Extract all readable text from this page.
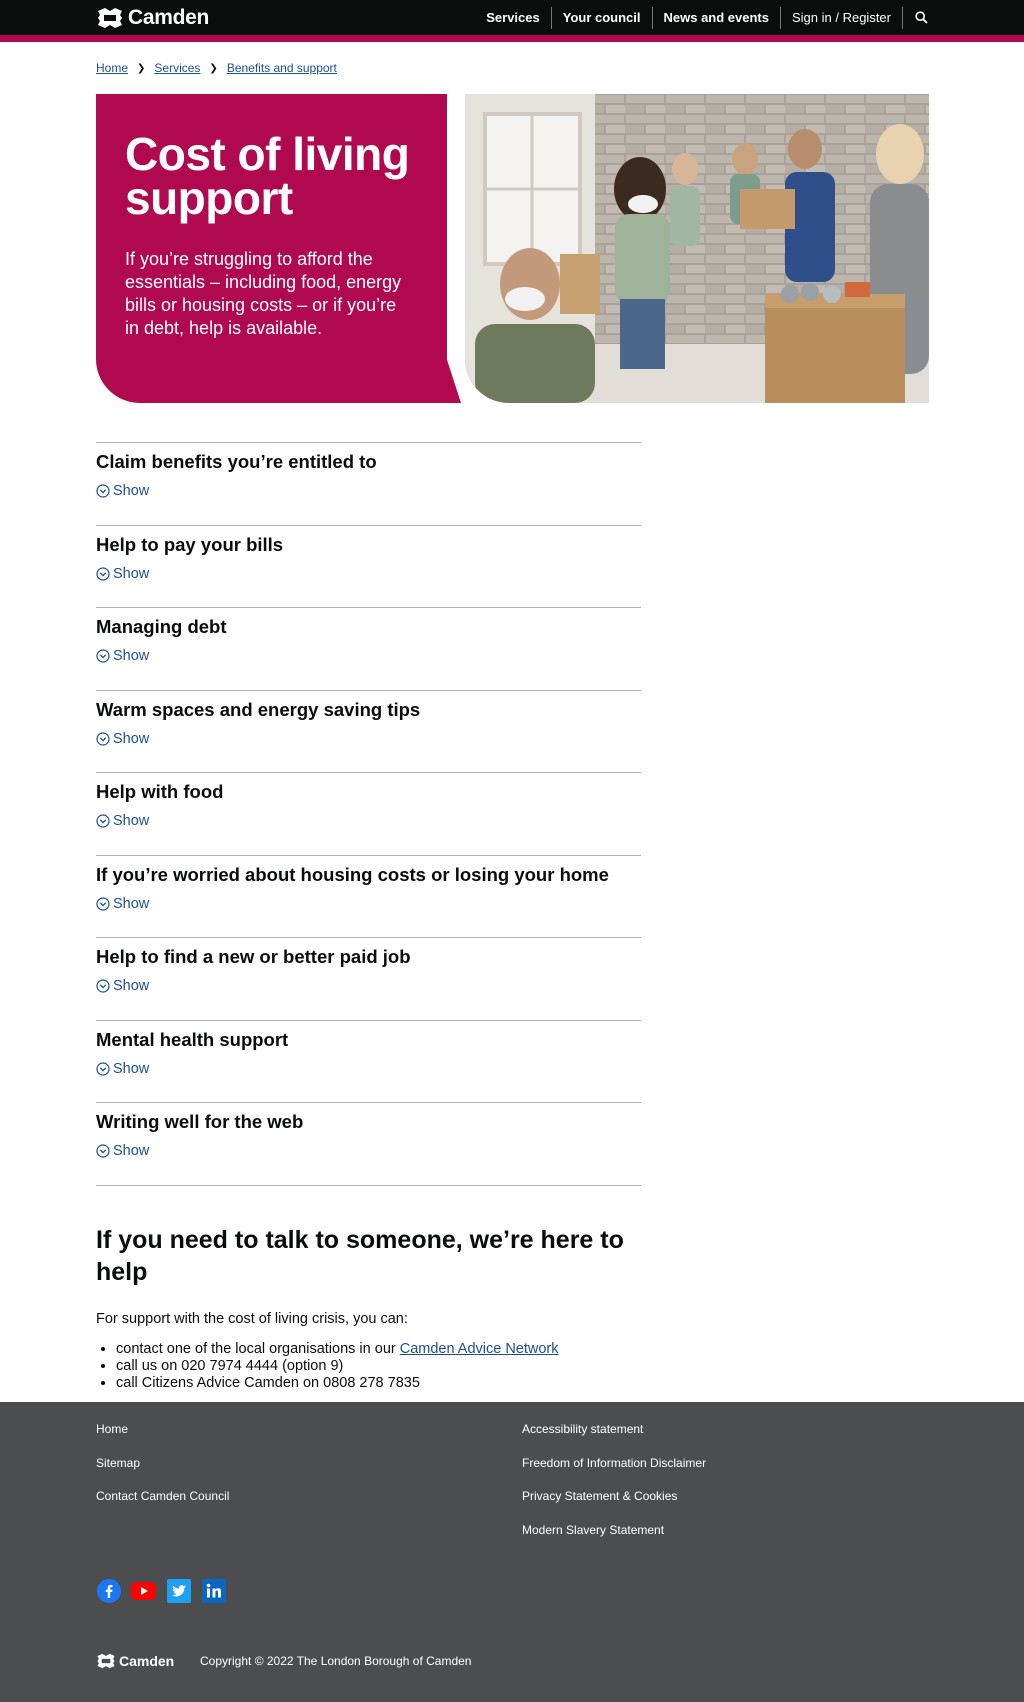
Camden	Services	Your council	News and events	Sign in / Register
Home ❯ Services ❯ Benefits and support
Cost of living support

If you’re struggling to afford the essentials – including food, energy bills or housing costs – or if you’re in debt, help is available.

Claim benefits you’re entitled to
Show
Help to pay your bills
Show
Managing debt
Show
Warm spaces and energy saving tips
Show
Help with food
Show
If you’re worried about housing costs or losing your home
Show
Help to find a new or better paid job
Show
Mental health support
Show
Writing well for the web
Show
If you need to talk to someone, we’re here to help

For support with the cost of living crisis, you can:

• contact one of the local organisations in our Camden Advice Network
• call us on 020 7974 4444 (option 9)
• call Citizens Advice Camden on 0808 278 7835
Home
Sitemap
Contact Camden Council
Accessibility statement
Freedom of Information Disclaimer
Privacy Statement & Cookies
Modern Slavery Statement
Camden Copyright © 2022 The London Borough of Camden
